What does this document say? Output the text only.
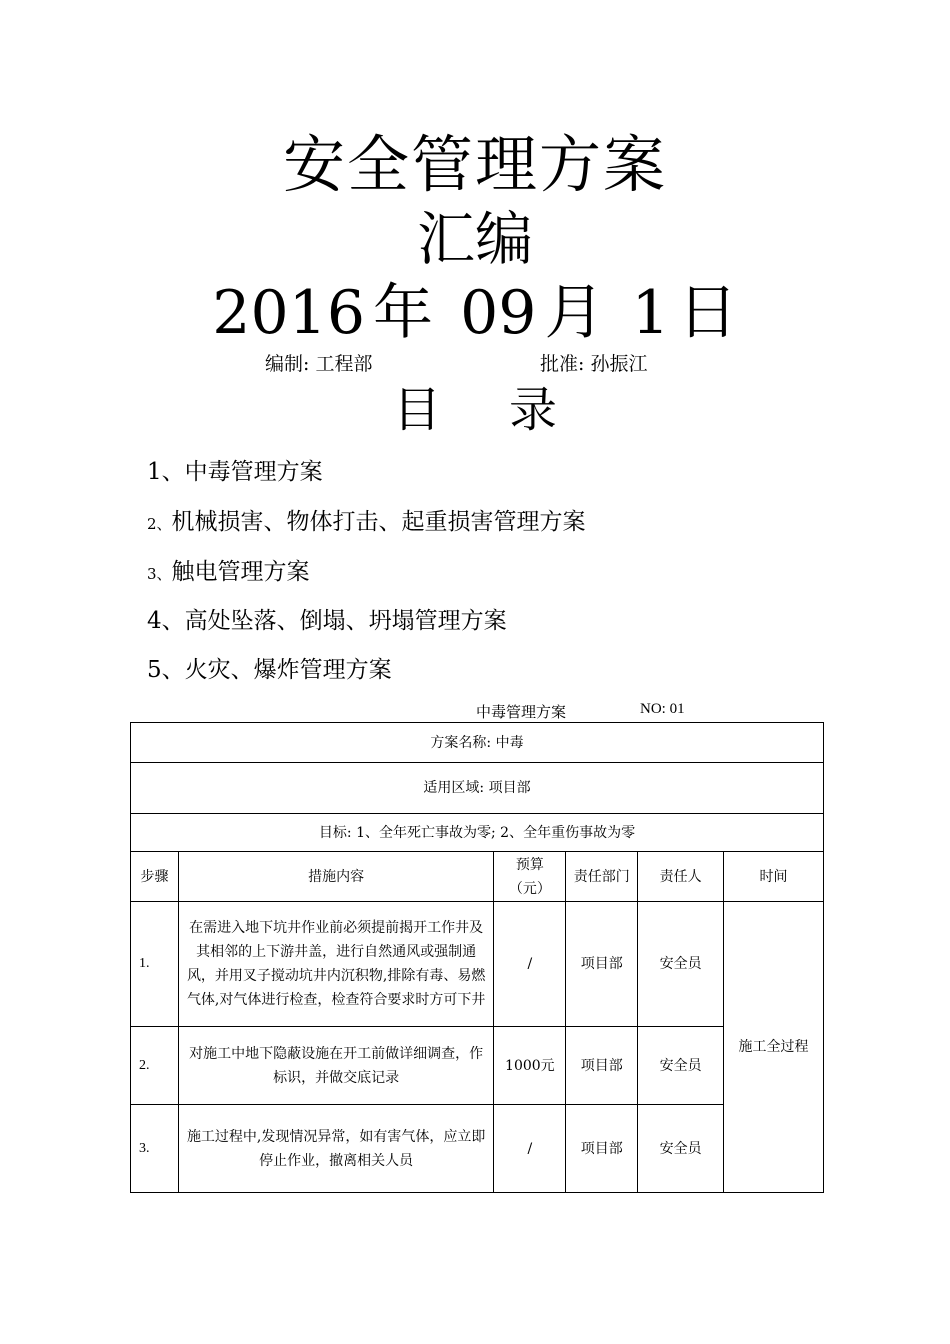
安全管理方案
汇编
2016 年 09 月 1 日
编制: 工程部	批准: 孙振江
目 录
1、中毒管理方案
2、机械损害、物体打击、起重损害管理方案
3、触电管理方案
4、高处坠落、倒塌、坍塌管理方案
5、火灾、爆炸管理方案
中毒管理方案	NO: 01
方案名称: 中毒					
适用区域: 项目部					
目标: 1、全年死亡事故为零; 2、全年重伤事故为零					
步骤	措施内容	预算（元）	责任部门	责任人	时间
1.	在需进入地下坑井作业前必须提前揭开工作井及其相邻的上下游井盖，进行自然通风或强制通风，并用叉子搅动坑井内沉积物,排除有毒、易燃气体,对气体进行检查，检查符合要求时方可下井	/	项目部	安全员	施工全过程
2.	对施工中地下隐蔽设施在开工前做详细调查，作标识，并做交底记录	1000元	项目部	安全员	
3.	施工过程中,发现情况异常，如有害气体，应立即停止作业，撤离相关人员	/	项目部	安全员	
